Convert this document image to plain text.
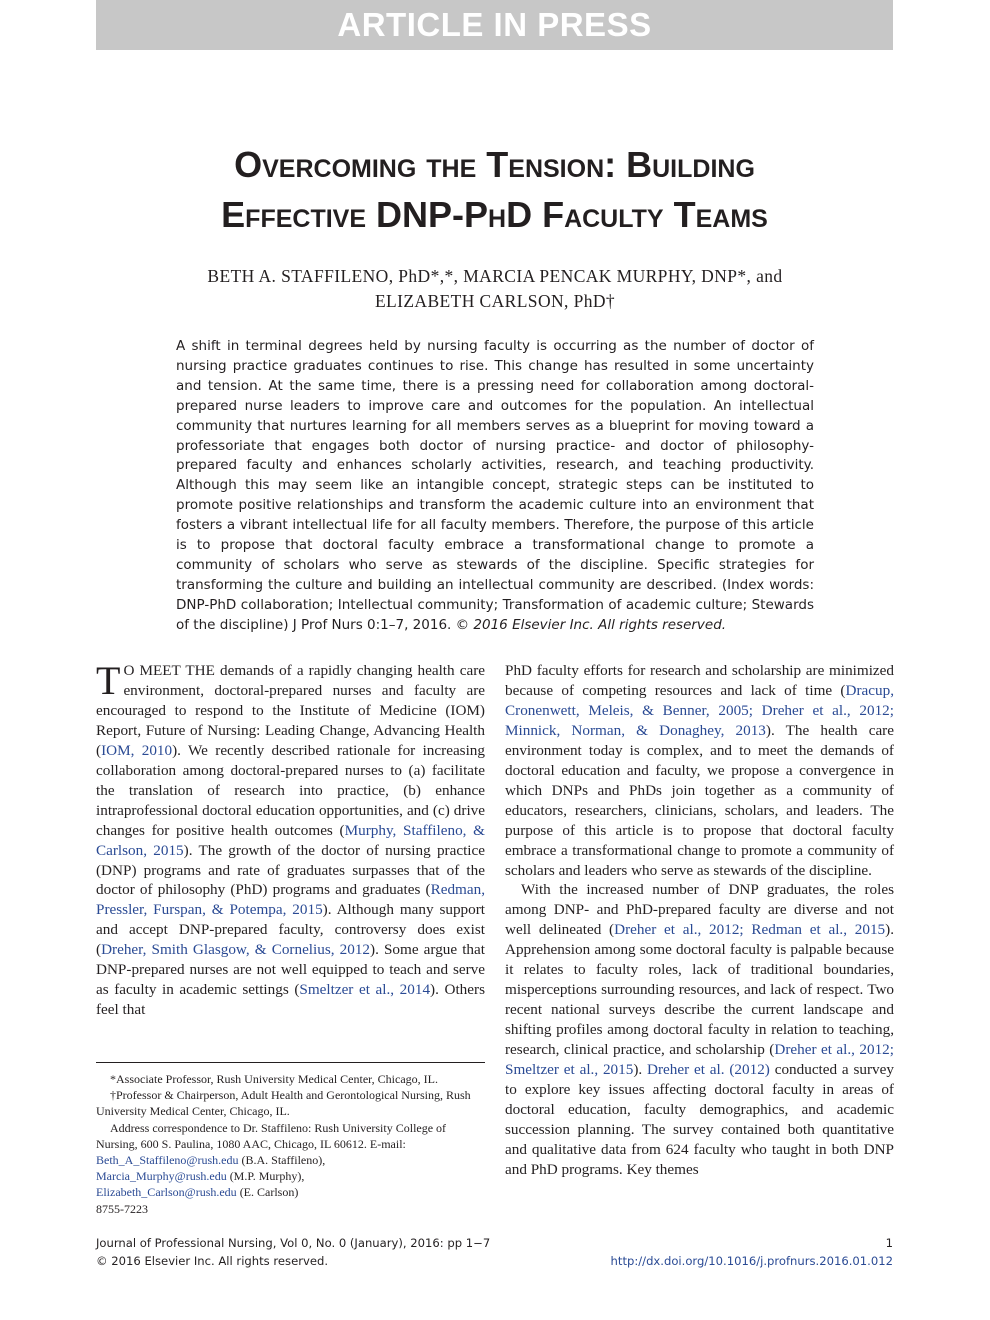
ARTICLE IN PRESS
Overcoming the Tension: Building
Effective DNP-PhD Faculty Teams
BETH A. STAFFILENO, PhD*,*, MARCIA PENCAK MURPHY, DNP*, and
ELIZABETH CARLSON, PhD†
A shift in terminal degrees held by nursing faculty is occurring as the number of doctor of nursing practice graduates continues to rise. This change has resulted in some uncertainty and tension. At the same time, there is a pressing need for collaboration among doctoral-prepared nurse leaders to improve care and outcomes for the population. An intellectual community that nurtures learning for all members serves as a blueprint for moving toward a professoriate that engages both doctor of nursing practice- and doctor of philosophy-prepared faculty and enhances scholarly activities, research, and teaching productivity. Although this may seem like an intangible concept, strategic steps can be instituted to promote positive relationships and transform the academic culture into an environment that fosters a vibrant intellectual life for all faculty members. Therefore, the purpose of this article is to propose that doctoral faculty embrace a transformational change to promote a community of scholars who serve as stewards of the discipline. Specific strategies for transforming the culture and building an intellectual community are described. (Index words: DNP-PhD collaboration; Intellectual community; Transformation of academic culture; Stewards of the discipline) J Prof Nurs 0:1–7, 2016. © 2016 Elsevier Inc. All rights reserved.

TO MEET THE demands of a rapidly changing health care environment, doctoral-prepared nurses and faculty are encouraged to respond to the Institute of Medicine (IOM) Report, Future of Nursing: Leading Change, Advancing Health (IOM, 2010). We recently described rationale for increasing collaboration among doctoral-prepared nurses to (a) facilitate the translation of research into practice, (b) enhance intraprofessional doctoral education opportunities, and (c) drive changes for positive health outcomes (Murphy, Staffileno, & Carlson, 2015). The growth of the doctor of nursing practice (DNP) programs and rate of graduates surpasses that of the doctor of philosophy (PhD) programs and graduates (Redman, Pressler, Furspan, & Potempa, 2015). Although many support and accept DNP-prepared faculty, controversy does exist (Dreher, Smith Glasgow, & Cornelius, 2012). Some argue that DNP-prepared nurses are not well equipped to teach and serve as faculty in academic settings (Smeltzer et al., 2014). Others feel that

PhD faculty efforts for research and scholarship are minimized because of competing resources and lack of time (Dracup, Cronenwett, Meleis, & Benner, 2005; Dreher et al., 2012; Minnick, Norman, & Donaghey, 2013). The health care environment today is complex, and to meet the demands of doctoral education and faculty, we propose a convergence in which DNPs and PhDs join together as a community of educators, researchers, clinicians, scholars, and leaders. The purpose of this article is to propose that doctoral faculty embrace a transformational change to promote a community of scholars and leaders who serve as stewards of the discipline.

With the increased number of DNP graduates, the roles among DNP- and PhD-prepared faculty are diverse and not well delineated (Dreher et al., 2012; Redman et al., 2015). Apprehension among some doctoral faculty is palpable because it relates to faculty roles, lack of traditional boundaries, misperceptions surrounding resources, and lack of respect. Two recent national surveys describe the current landscape and shifting profiles among doctoral faculty in relation to teaching, research, clinical practice, and scholarship (Dreher et al., 2012; Smeltzer et al., 2015). Dreher et al. (2012) conducted a survey to explore key issues affecting doctoral faculty in areas of doctoral education, faculty demographics, and academic succession planning. The survey contained both quantitative and qualitative data from 624 faculty who taught in both DNP and PhD programs. Key themes

*Associate Professor, Rush University Medical Center, Chicago, IL.
†Professor & Chairperson, Adult Health and Gerontological Nursing, Rush University Medical Center, Chicago, IL.
Address correspondence to Dr. Staffileno: Rush University College of Nursing, 600 S. Paulina, 1080 AAC, Chicago, IL 60612. E-mail:
Beth_A_Staffileno@rush.edu (B.A. Staffileno),
Marcia_Murphy@rush.edu (M.P. Murphy),
Elizabeth_Carlson@rush.edu (E. Carlson)
8755-7223
Journal of Professional Nursing, Vol 0, No. 0 (January), 2016: pp 1−7
© 2016 Elsevier Inc. All rights reserved.
1
http://dx.doi.org/10.1016/j.profnurs.2016.01.012
